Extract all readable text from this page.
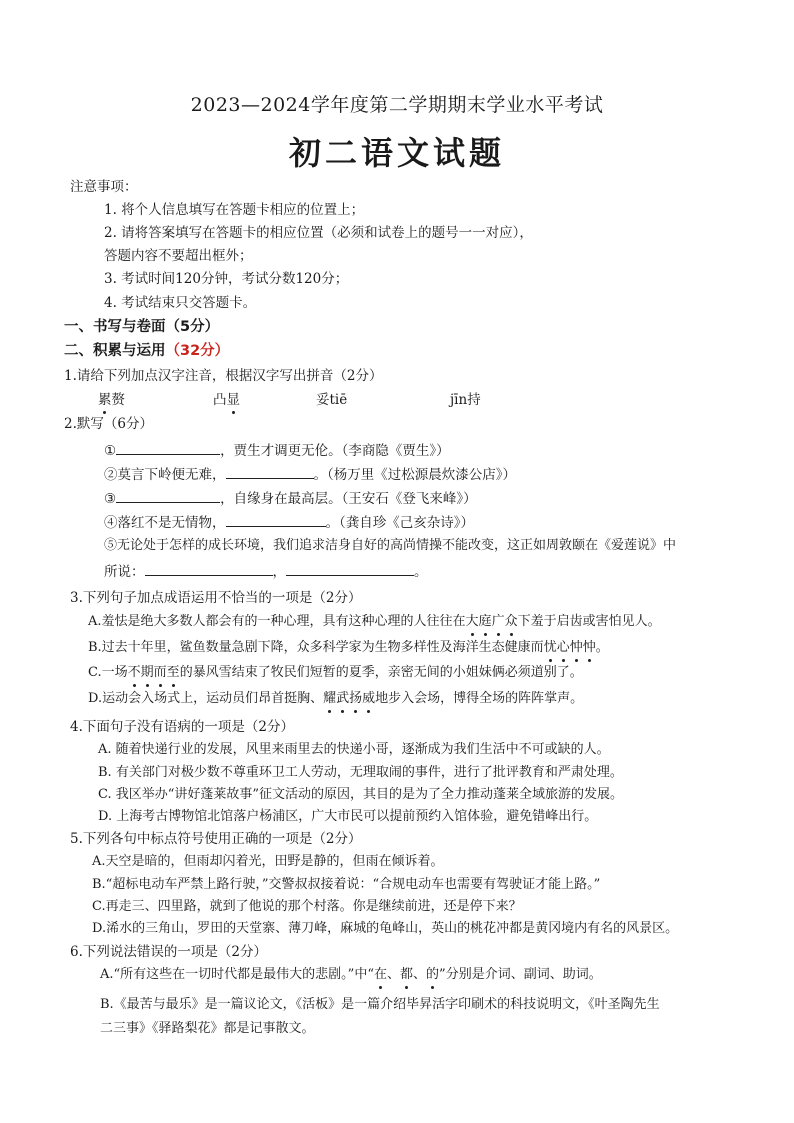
2023—2024学年度第二学期期末学业水平考试
初二语文试题
注意事项：
1. 将个人信息填写在答题卡相应的位置上；
2. 请将答案填写在答题卡的相应位置（必须和试卷上的题号一一对应），
答题内容不要超出框外；
3. 考试时间120分钟，考试分数120分；
4. 考试结束只交答题卡。
一、书写与卷面（5分）
二、积累与运用（32分）
1.请给下列加点汉字注音，根据汉字写出拼音（2分）
累赘	凸显	妥tiē	jīn持
2.默写（6分）
①	，贾生才调更无伦。（李商隐《贾生》）
②莫言下岭便无难，	。（杨万里《过松源晨炊漆公店》）
③	，自缘身在最高层。（王安石《登飞来峰》）
④落红不是无情物，	。（龚自珍《己亥杂诗》）
⑤无论处于怎样的成长环境，我们追求洁身自好的高尚情操不能改变，这正如周敦颐在《爱莲说》中
所说：	，	。
3.下列句子加点成语运用不恰当的一项是（2分）
A.羞怯是绝大多数人都会有的一种心理，具有这种心理的人往往在大庭广众下羞于启齿或害怕见人。
B.过去十年里，鲨鱼数量急剧下降，众多科学家为生物多样性及海洋生态健康而忧心忡忡。
C.一场不期而至的暴风雪结束了牧民们短暂的夏季，亲密无间的小姐妹俩必须道别了。
D.运动会入场式上，运动员们昂首挺胸、耀武扬威地步入会场，博得全场的阵阵掌声。
4.下面句子没有语病的一项是（2分）
A. 随着快递行业的发展，风里来雨里去的快递小哥，逐渐成为我们生活中不可或缺的人。
B. 有关部门对极少数不尊重环卫工人劳动，无理取闹的事件，进行了批评教育和严肃处理。
C. 我区举办“讲好蓬莱故事”征文活动的原因，其目的是为了全力推动蓬莱全域旅游的发展。
D. 上海考古博物馆北馆落户杨浦区，广大市民可以提前预约入馆体验，避免错峰出行。
5.下列各句中标点符号使用正确的一项是（2分）
A.天空是暗的，但雨却闪着光，田野是静的，但雨在倾诉着。
B.“超标电动车严禁上路行驶，”交警叔叔接着说：“合规电动车也需要有驾驶证才能上路。”
C.再走三、四里路，就到了他说的那个村落。你是继续前进，还是停下来？
D.浠水的三角山，罗田的天堂寨、薄刀峰，麻城的龟峰山，英山的桃花冲都是黄冈境内有名的风景区。
6.下列说法错误的一项是（2分）
A.“所有这些在一切时代都是最伟大的悲剧。”中“在、都、的”分别是介词、副词、助词。
B.《最苦与最乐》是一篇议论文，《活板》是一篇介绍毕昇活字印刷术的科技说明文，《叶圣陶先生
二三事》《驿路梨花》都是记事散文。
